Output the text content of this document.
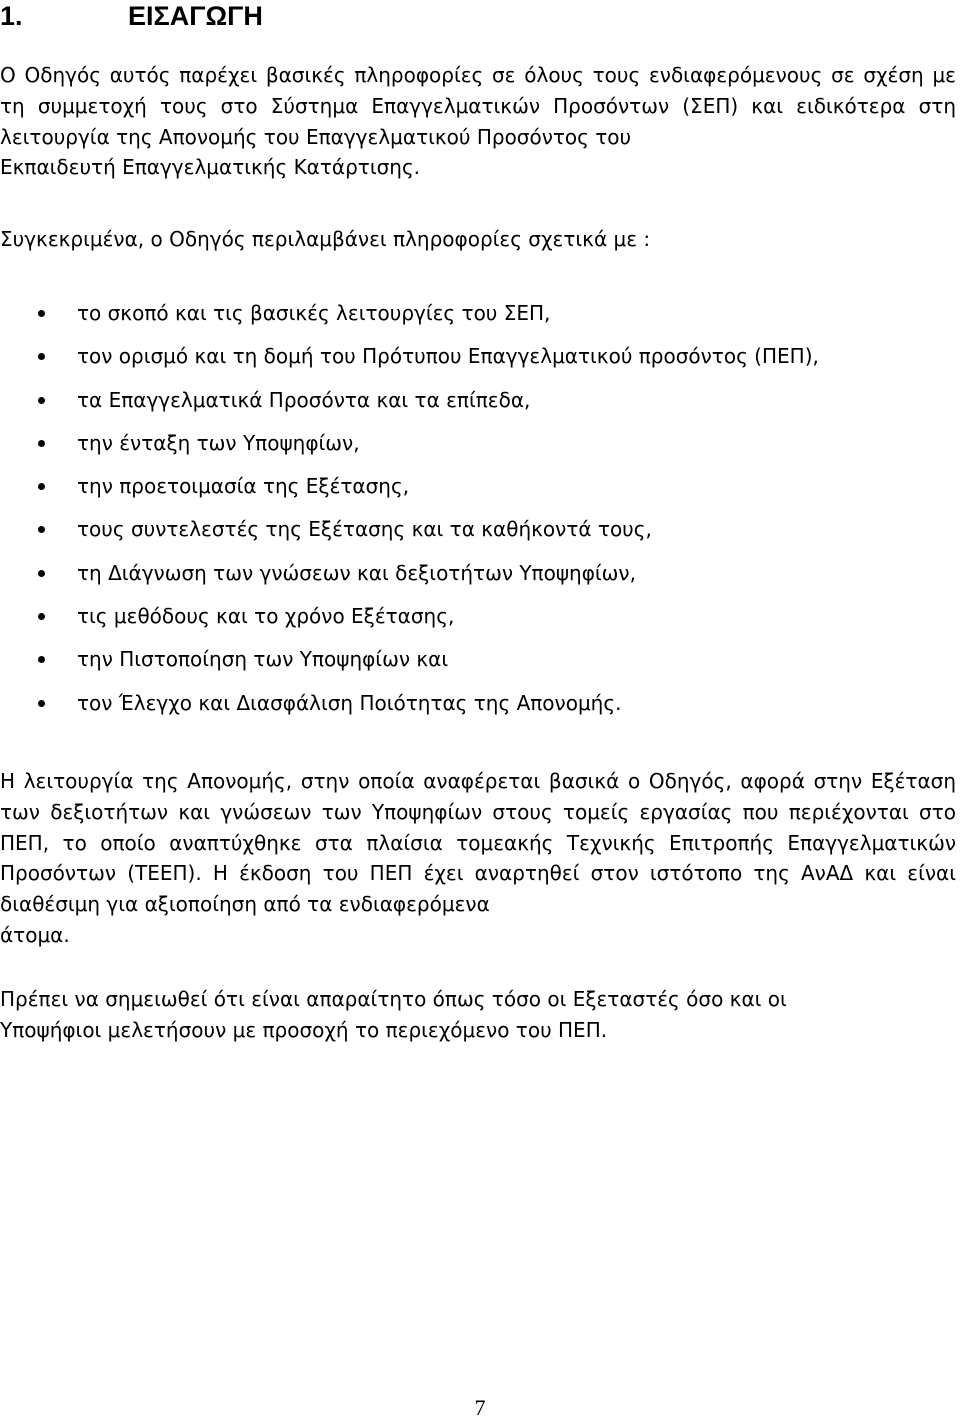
1.	ΕΙΣΑΓΩΓΗ

Ο Οδηγός αυτός παρέχει βασικές πληροφορίες σε όλους τους ενδιαφερόμενους σε σχέση με τη συμμετοχή τους στο Σύστημα Επαγγελματικών Προσόντων (ΣΕΠ) και ειδικότερα στη λειτουργία της Απονομής του Επαγγελματικού Προσόντος του
Εκπαιδευτή Επαγγελματικής Κατάρτισης.

Συγκεκριμένα, ο Οδηγός περιλαμβάνει πληροφορίες σχετικά με :

το σκοπό και τις βασικές λειτουργίες του ΣΕΠ,
τον ορισμό και τη δομή του Πρότυπου Επαγγελματικού προσόντος (ΠΕΠ),
τα Επαγγελματικά Προσόντα και τα επίπεδα,
την ένταξη των Υποψηφίων,
την προετοιμασία της Εξέτασης,
τους συντελεστές της Εξέτασης και τα καθήκοντά τους,
τη Διάγνωση των γνώσεων και δεξιοτήτων Υποψηφίων,
τις μεθόδους και το χρόνο Εξέτασης,
την Πιστοποίηση των Υποψηφίων και
τον Έλεγχο και Διασφάλιση Ποιότητας της Απονομής.

Η λειτουργία της Απονομής, στην οποία αναφέρεται βασικά ο Οδηγός, αφορά στην Εξέταση των δεξιοτήτων και γνώσεων των Υποψηφίων στους τομείς εργασίας που περιέχονται στο ΠΕΠ, το οποίο αναπτύχθηκε στα πλαίσια τομεακής Τεχνικής Επιτροπής Επαγγελματικών Προσόντων (ΤΕΕΠ). Η έκδοση του ΠΕΠ έχει αναρτηθεί στον ιστότοπο της ΑνΑΔ και είναι διαθέσιμη για αξιοποίηση από τα ενδιαφερόμενα
άτομα.

Πρέπει να σημειωθεί ότι είναι απαραίτητο όπως τόσο οι Εξεταστές όσο και οι
Υποψήφιοι μελετήσουν με προσοχή το περιεχόμενο του ΠΕΠ.

7
